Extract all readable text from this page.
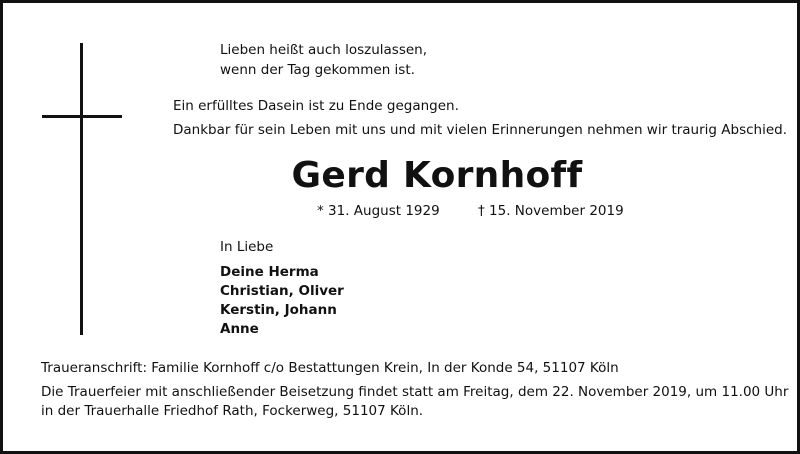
Lieben heißt auch loszulassen,
wenn der Tag gekommen ist.
Ein erfülltes Dasein ist zu Ende gegangen.
Dankbar für sein Leben mit uns und mit vielen Erinnerungen nehmen wir traurig Abschied.
Gerd Kornhoff
* 31. August 1929	† 15. November 2019
In Liebe
Deine Herma
Christian, Oliver
Kerstin, Johann
Anne
Traueranschrift: Familie Kornhoff c/o Bestattungen Krein, In der Konde 54, 51107 Köln
Die Trauerfeier mit anschließender Beisetzung findet statt am Freitag, dem 22. November 2019, um 11.00 Uhr
in der Trauerhalle Friedhof Rath, Fockerweg, 51107 Köln.
